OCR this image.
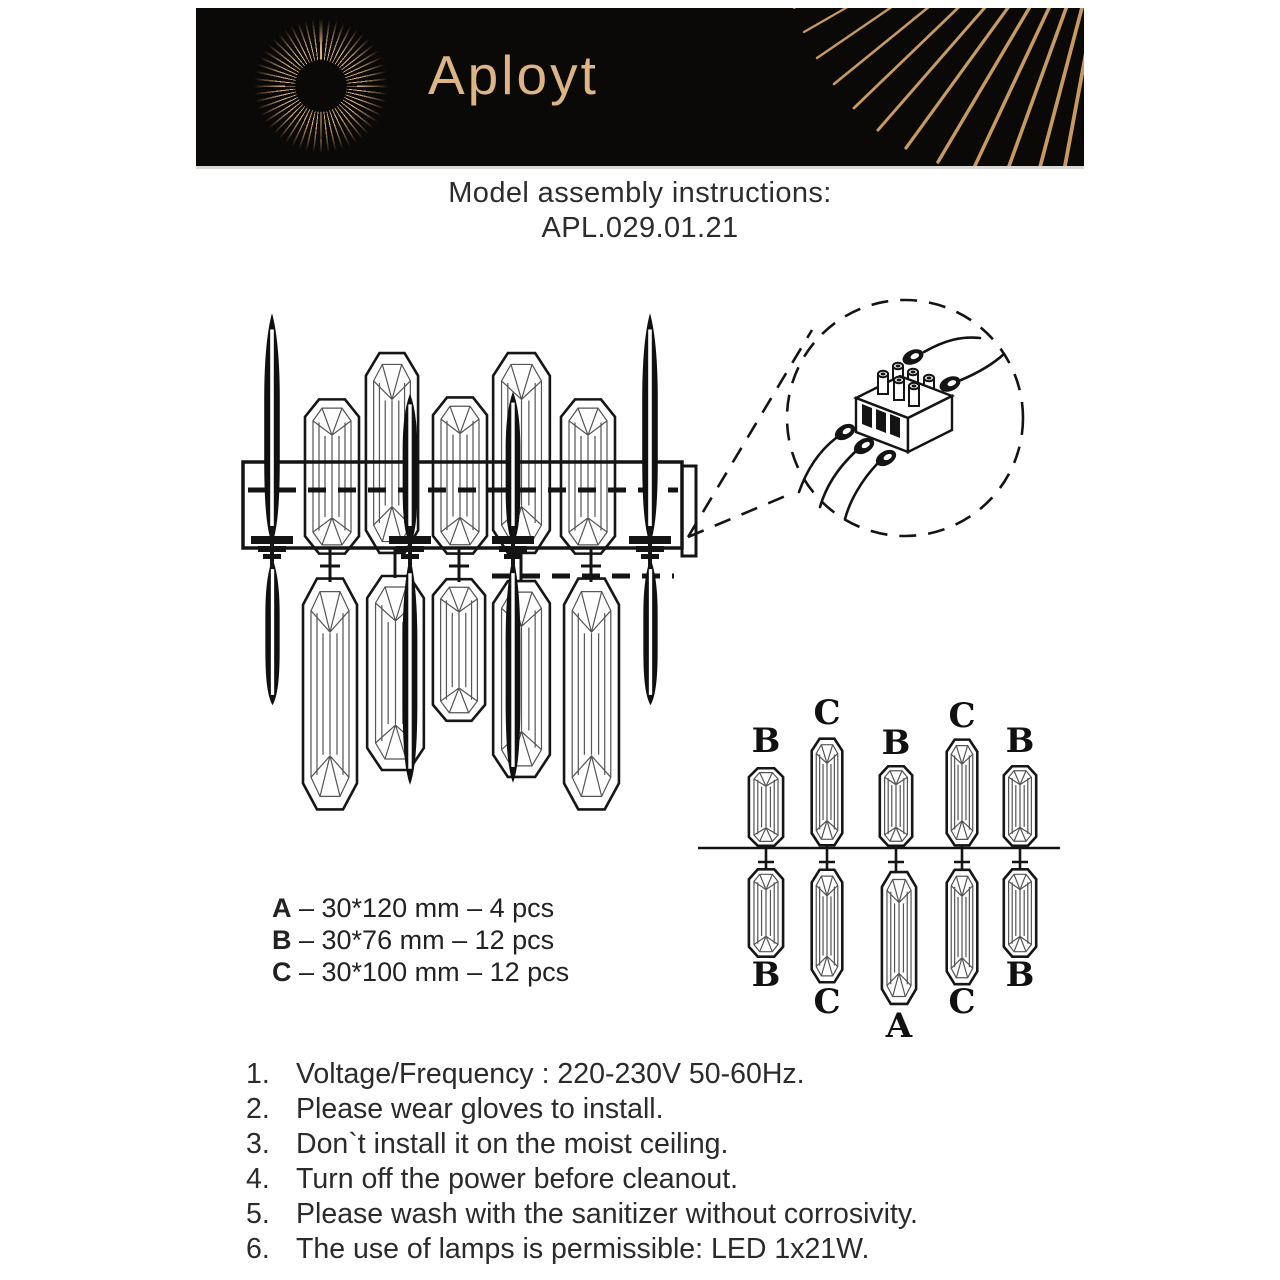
Aployt
Model assembly instructions:
APL.029.01.21
B
C
B
C
B
B
C
A
C
B
A – 30*120 mm – 4 pcs
B – 30*76 mm – 12 pcs
C – 30*100 mm – 12 pcs
1. Voltage/Frequency : 220-230V 50-60Hz.
2. Please wear gloves to install.
3. Don`t install it on the moist ceiling.
4. Turn off the power before cleanout.
5. Please wash with the sanitizer without corrosivity.
6. The use of lamps is permissible: LED 1x21W.
